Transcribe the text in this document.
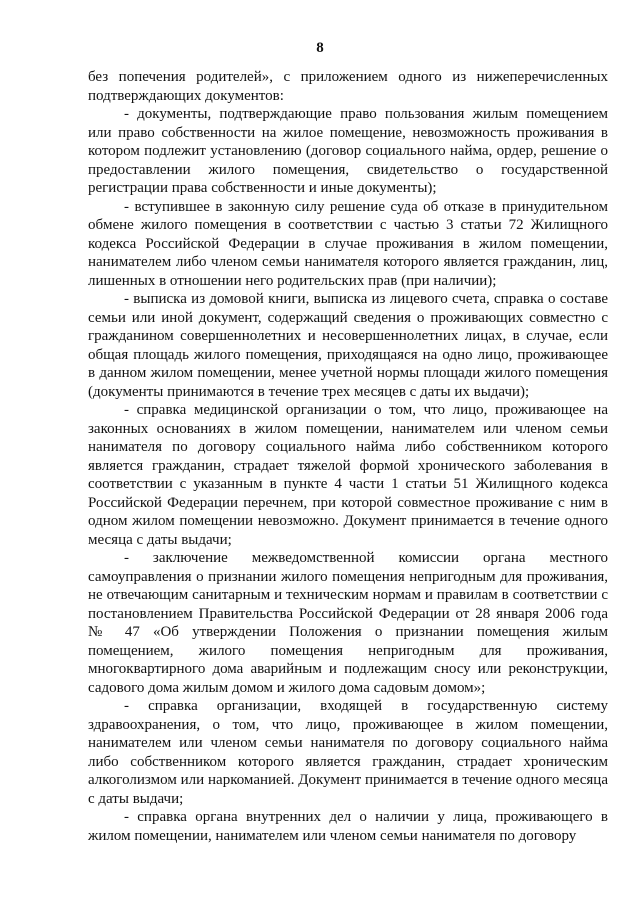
8

без попечения родителей», с приложением одного из нижеперечисленных подтверждающих документов:

- документы, подтверждающие право пользования жилым помещением или право собственности на жилое помещение, невозможность проживания в котором подлежит установлению (договор социального найма, ордер, решение о предоставлении жилого помещения, свидетельство о государственной регистрации права собственности и иные документы);

- вступившее в законную силу решение суда об отказе в принудительном обмене жилого помещения в соответствии с частью 3 статьи 72 Жилищного кодекса Российской Федерации в случае проживания в жилом помещении, нанимателем либо членом семьи нанимателя которого является гражданин, лиц, лишенных в отношении него родительских прав (при наличии);

- выписка из домовой книги, выписка из лицевого счета, справка о составе семьи или иной документ, содержащий сведения о проживающих совместно с гражданином совершеннолетних и несовершеннолетних лицах, в случае, если общая площадь жилого помещения, приходящаяся на одно лицо, проживающее в данном жилом помещении, менее учетной нормы площади жилого помещения (документы принимаются в течение трех месяцев с даты их выдачи);

- справка медицинской организации о том, что лицо, проживающее на законных основаниях в жилом помещении, нанимателем или членом семьи нанимателя по договору социального найма либо собственником которого является гражданин, страдает тяжелой формой хронического заболевания в соответствии с указанным в пункте 4 части 1 статьи 51 Жилищного кодекса Российской Федерации перечнем, при которой совместное проживание с ним в одном жилом помещении невозможно. Документ принимается в течение одного месяца с даты выдачи;

- заключение межведомственной комиссии органа местного самоуправления о признании жилого помещения непригодным для проживания, не отвечающим санитарным и техническим нормам и правилам в соответствии с постановлением Правительства Российской Федерации от 28 января 2006 года № 47 «Об утверждении Положения о признании помещения жилым помещением, жилого помещения непригодным для проживания, многоквартирного дома аварийным и подлежащим сносу или реконструкции, садового дома жилым домом и жилого дома садовым домом»;

- справка организации, входящей в государственную систему здравоохранения, о том, что лицо, проживающее в жилом помещении, нанимателем или членом семьи нанимателя по договору социального найма либо собственником которого является гражданин, страдает хроническим алкоголизмом или наркоманией. Документ принимается в течение одного месяца с даты выдачи;

- справка органа внутренних дел о наличии у лица, проживающего в жилом помещении, нанимателем или членом семьи нанимателя по договору
